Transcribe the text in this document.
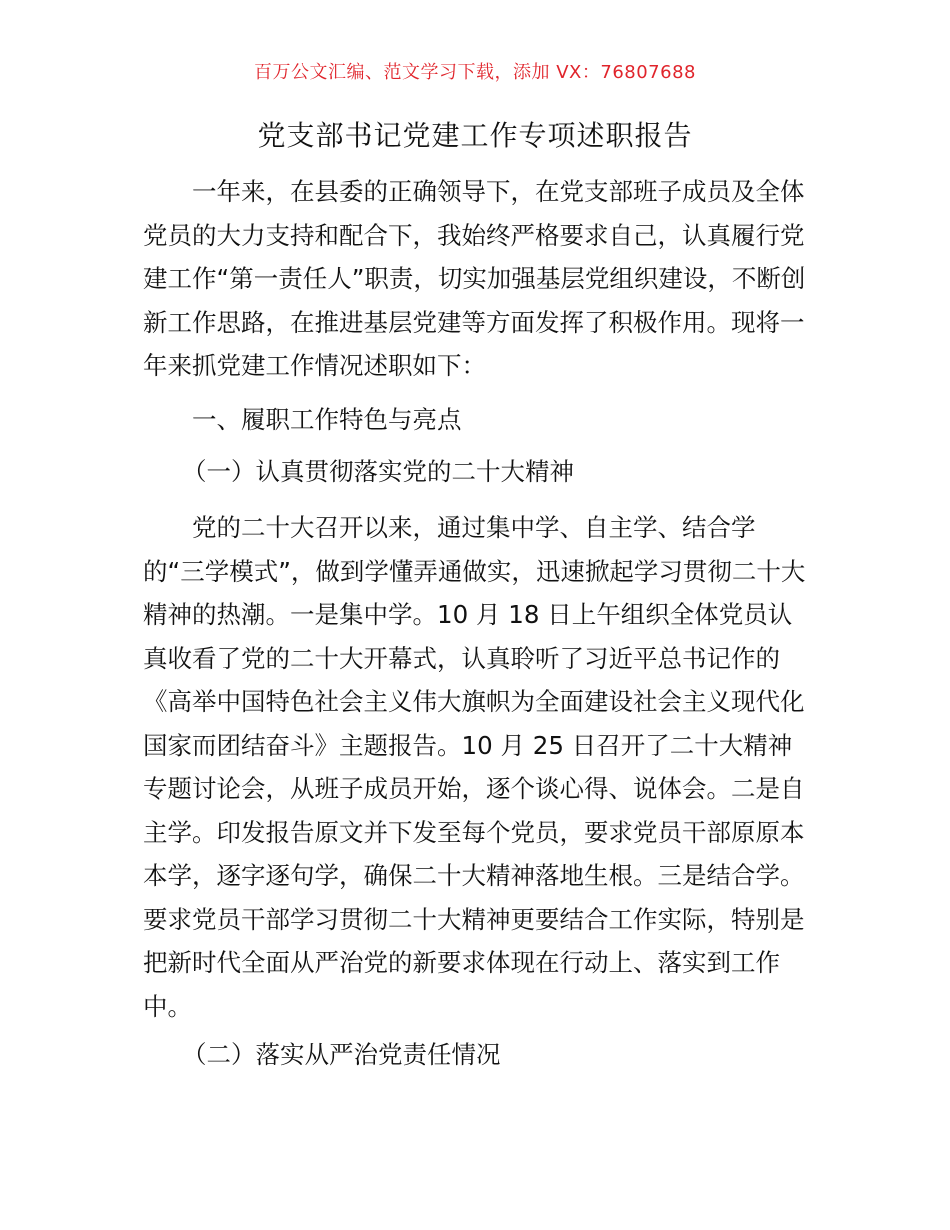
百万公文汇编、范文学习下载，添加 VX：76807688
党支部书记党建工作专项述职报告
一年来，在县委的正确领导下，在党支部班子成员及全体党员的大力支持和配合下，我始终严格要求自己，认真履行党建工作“第一责任人”职责，切实加强基层党组织建设，不断创新工作思路，在推进基层党建等方面发挥了积极作用。现将一年来抓党建工作情况述职如下：
一、履职工作特色与亮点
（一）认真贯彻落实党的二十大精神
党的二十大召开以来，通过集中学、自主学、结合学的“三学模式”，做到学懂弄通做实，迅速掀起学习贯彻二十大精神的热潮。一是集中学。10 月 18 日上午组织全体党员认真收看了党的二十大开幕式，认真聆听了习近平总书记作的《高举中国特色社会主义伟大旗帜为全面建设社会主义现代化国家而团结奋斗》主题报告。10 月 25 日召开了二十大精神专题讨论会，从班子成员开始，逐个谈心得、说体会。二是自主学。印发报告原文并下发至每个党员，要求党员干部原原本本学，逐字逐句学，确保二十大精神落地生根。三是结合学。要求党员干部学习贯彻二十大精神更要结合工作实际，特别是把新时代全面从严治党的新要求体现在行动上、落实到工作中。
（二）落实从严治党责任情况
